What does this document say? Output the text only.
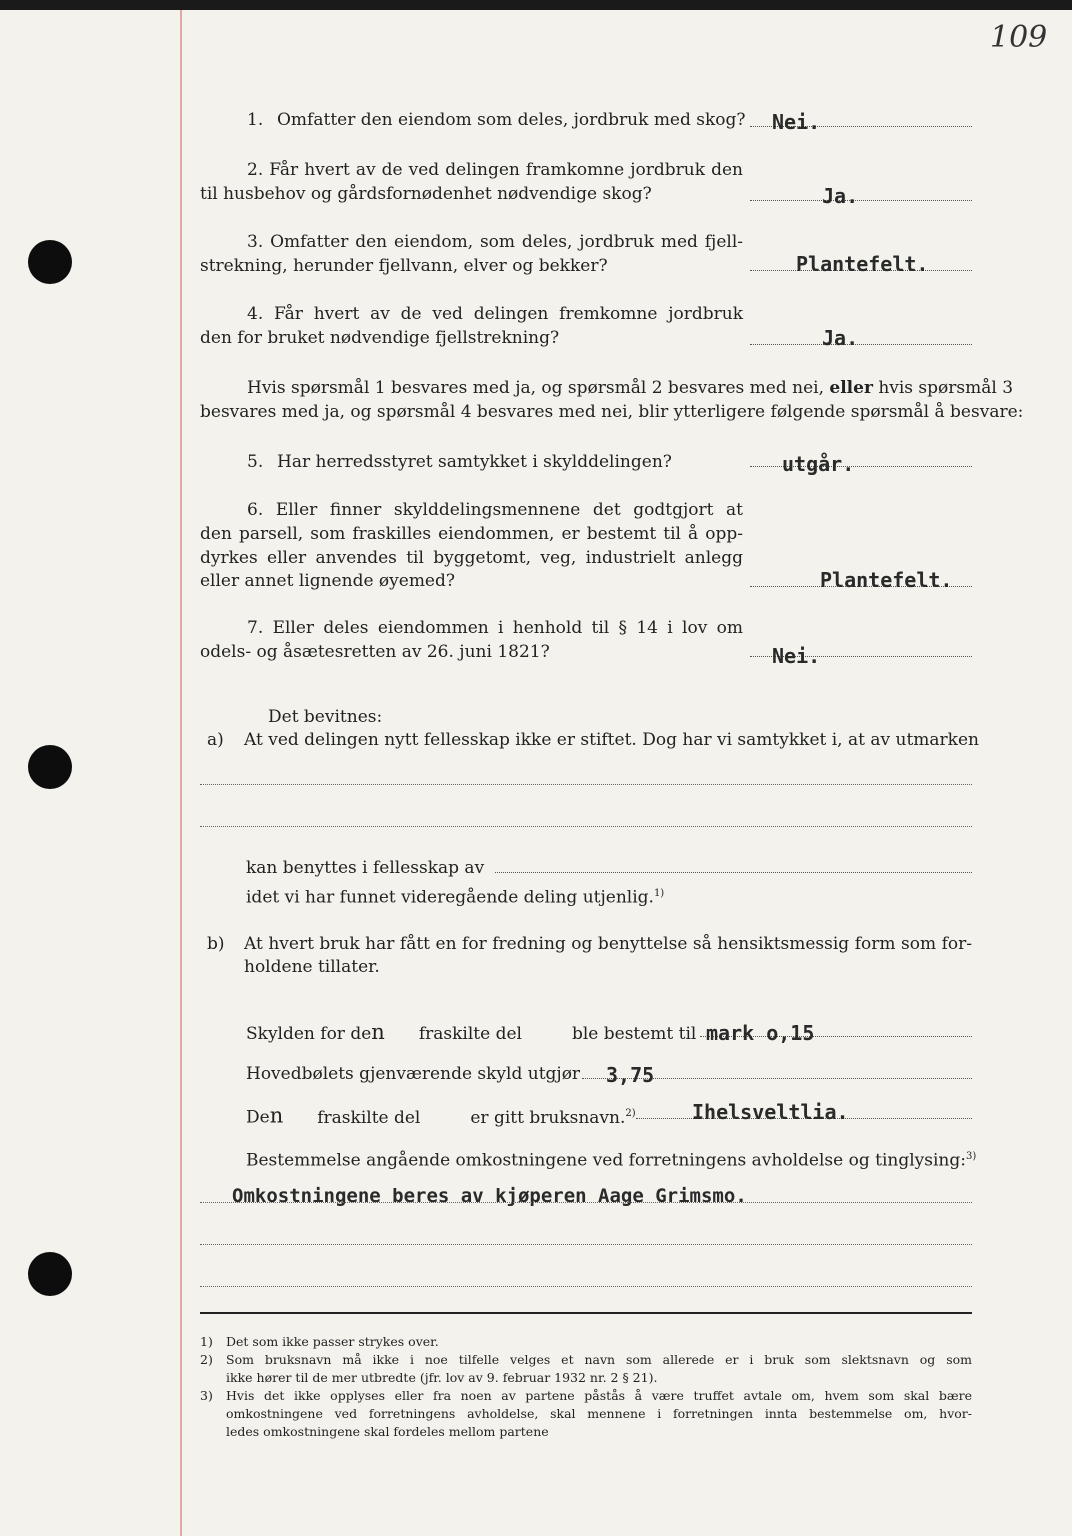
109
1. Omfatter den eiendom som deles, jordbruk med skog? Nei.
2. Får hvert av de ved delingen framkomne jordbruk den
til husbehov og gårdsfornødenhet nødvendige skog?	Ja.
3. Omfatter den eiendom, som deles, jordbruk med fjell-
strekning, herunder fjellvann, elver og bekker?	Plantefelt.
4. Får hvert av de ved delingen fremkomne jordbruk
den for bruket nødvendige fjellstrekning?	Ja.
Hvis spørsmål 1 besvares med ja, og spørsmål 2 besvares med nei, eller hvis spørsmål 3
besvares med ja, og spørsmål 4 besvares med nei, blir ytterligere følgende spørsmål å besvare:
5. Har herredsstyret samtykket i skylddelingen?	utgår.
6. Eller finner skylddelingsmennene det godtgjort at
den parsell, som fraskilles eiendommen, er bestemt til å opp-
dyrkes eller anvendes til byggetomt, veg, industrielt anlegg
eller annet lignende øyemed?	Plantefelt.
7. Eller deles eiendommen i henhold til § 14 i lov om
odels- og åsætesretten av 26. juni 1821?	Nei.
Det bevitnes:
a) At ved delingen nytt fellesskap ikke er stiftet. Dog har vi samtykket i, at av utmarken
kan benyttes i fellesskap av
idet vi har funnet videregående deling utjenlig.$^{1)}$
b) At hvert bruk har fått en for fredning og benyttelse så hensiktsmessig form som for-
holdene tillater.
Skylden for den fraskilte del	ble bestemt til mark o,15
Hovedbølets gjenværende skyld utgjør 3,75
Den fraskilte del	er gitt bruksnavn.$^{2)}$	Ihelsveltlia.
Bestemmelse angående omkostningene ved forretningens avholdelse og tinglysing:$^{3)}$
Omkostningene beres av kjøperen Aage Grimsmo.
1) Det som ikke passer strykes over.
2) Som bruksnavn må ikke i noe tilfelle velges et navn som allerede er i bruk som slektsnavn og som
ikke hører til de mer utbredte (jfr. lov av 9. februar 1932 nr. 2 § 21).
3) Hvis det ikke opplyses eller fra noen av partene påstås å være truffet avtale om, hvem som skal bære
omkostningene ved forretningens avholdelse, skal mennene i forretningen innta bestemmelse om, hvor-
ledes omkostningene skal fordeles mellom partene
